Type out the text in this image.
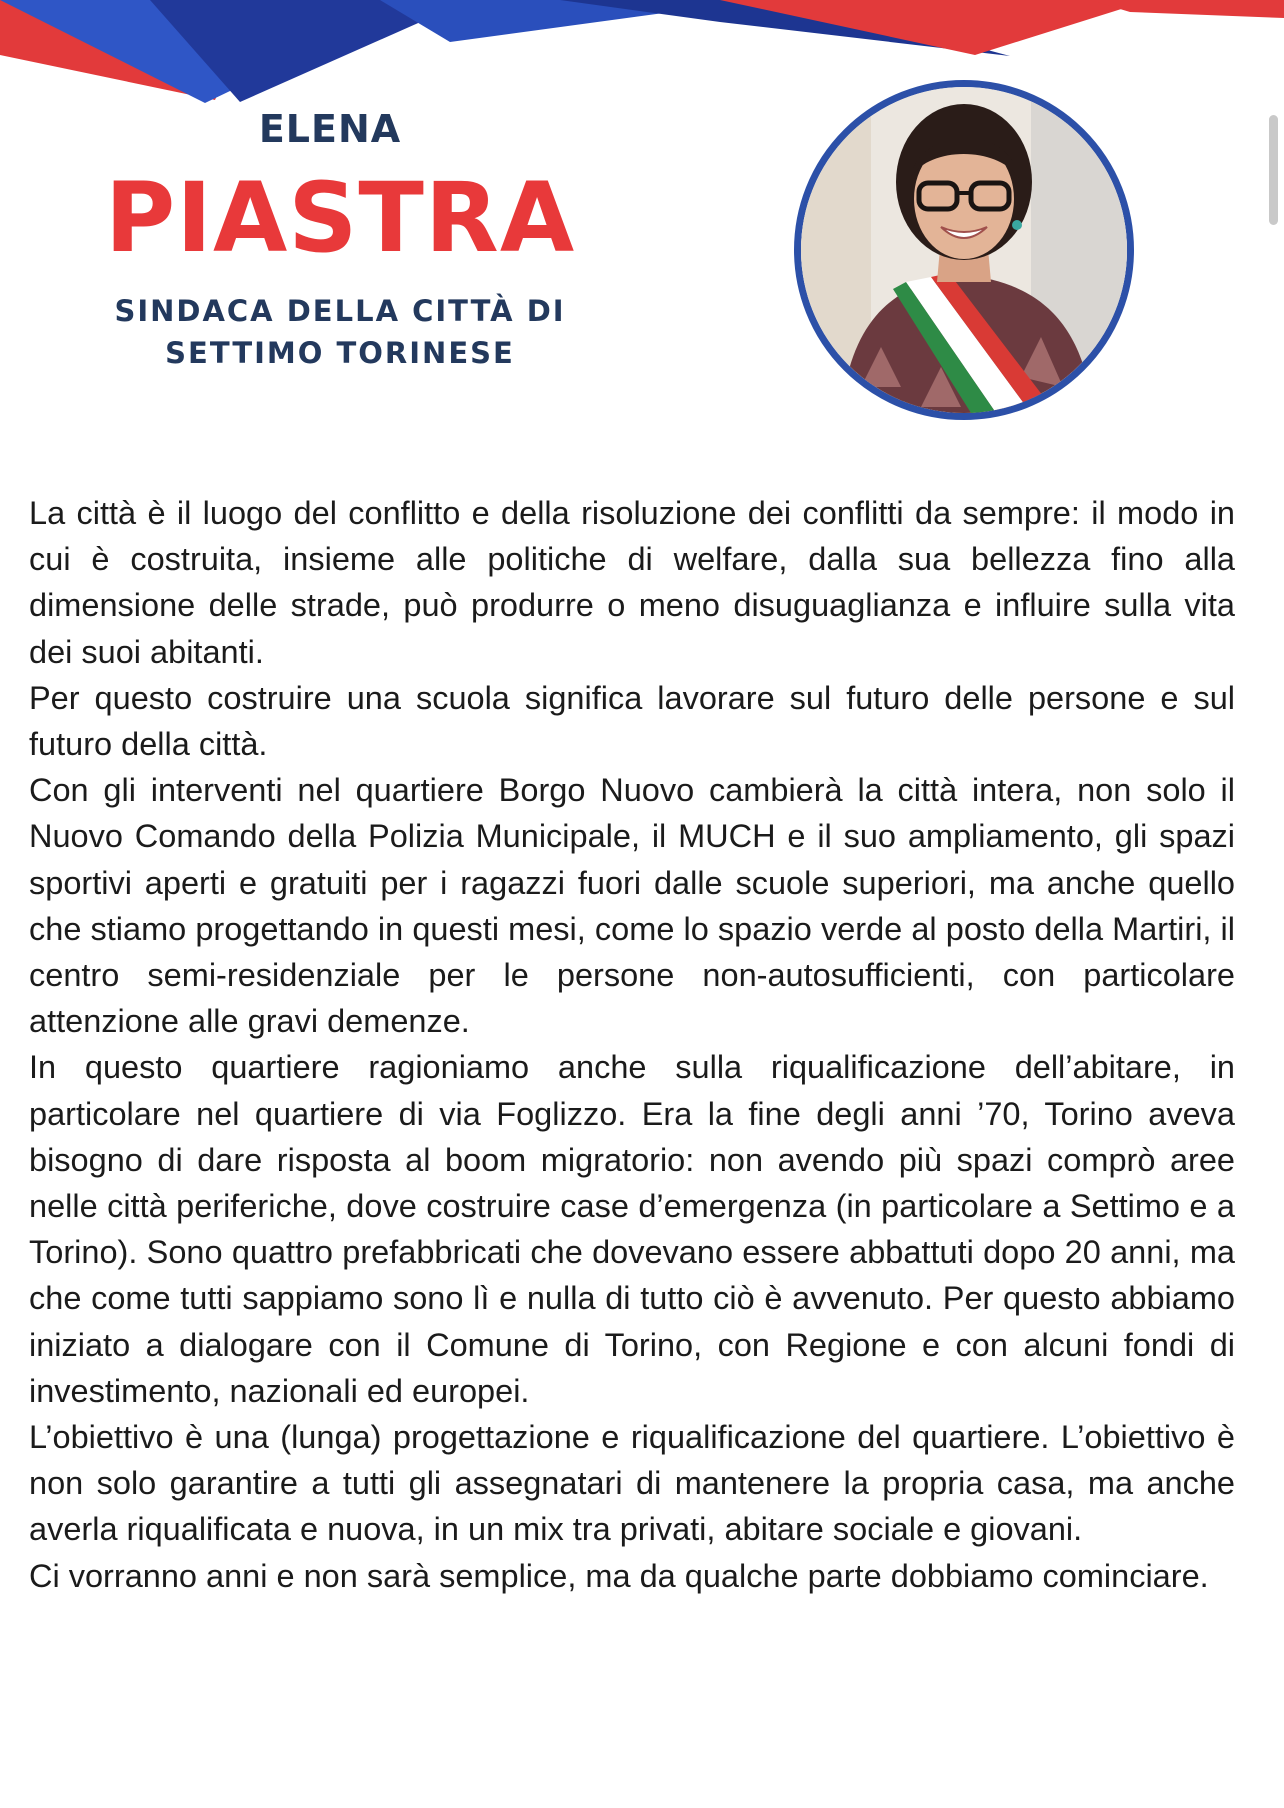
ELENA
PIASTRA
SINDACA DELLA CITTÀ DI
SETTIMO TORINESE

La città è il luogo del conflitto e della risoluzione dei conflitti da sempre: il modo in cui è costruita, insieme alle politiche di welfare, dalla sua bellezza fino alla dimensione delle strade, può produrre o meno disuguaglianza e influire sulla vita dei suoi abitanti.

Per questo costruire una scuola significa lavorare sul futuro delle persone e sul futuro della città.

Con gli interventi nel quartiere Borgo Nuovo cambierà la città intera, non solo il Nuovo Comando della Polizia Municipale, il MUCH e il suo ampliamento, gli spazi sportivi aperti e gratuiti per i ragazzi fuori dalle scuole superiori, ma anche quello che stiamo progettando in questi mesi, come lo spazio verde al posto della Martiri, il centro semi-residenziale per le persone non-autosufficienti, con particolare attenzione alle gravi demenze.

In questo quartiere ragioniamo anche sulla riqualificazione dell’abitare, in particolare nel quartiere di via Foglizzo. Era la fine degli anni ’70, Torino aveva bisogno di dare risposta al boom migratorio: non avendo più spazi comprò aree nelle città periferiche, dove costruire case d’emergenza (in particolare a Settimo e a Torino). Sono quattro prefabbricati che dovevano essere abbattuti dopo 20 anni, ma che come tutti sappiamo sono lì e nulla di tutto ciò è avvenuto. Per questo abbiamo iniziato a dialogare con il Comune di Torino, con Regione e con alcuni fondi di investimento, nazionali ed europei.

L’obiettivo è una (lunga) progettazione e riqualificazione del quartiere. L’obiettivo è non solo garantire a tutti gli assegnatari di mantenere la propria casa, ma anche averla riqualificata e nuova, in un mix tra privati, abitare sociale e giovani.

Ci vorranno anni e non sarà semplice, ma da qualche parte dobbiamo cominciare.
